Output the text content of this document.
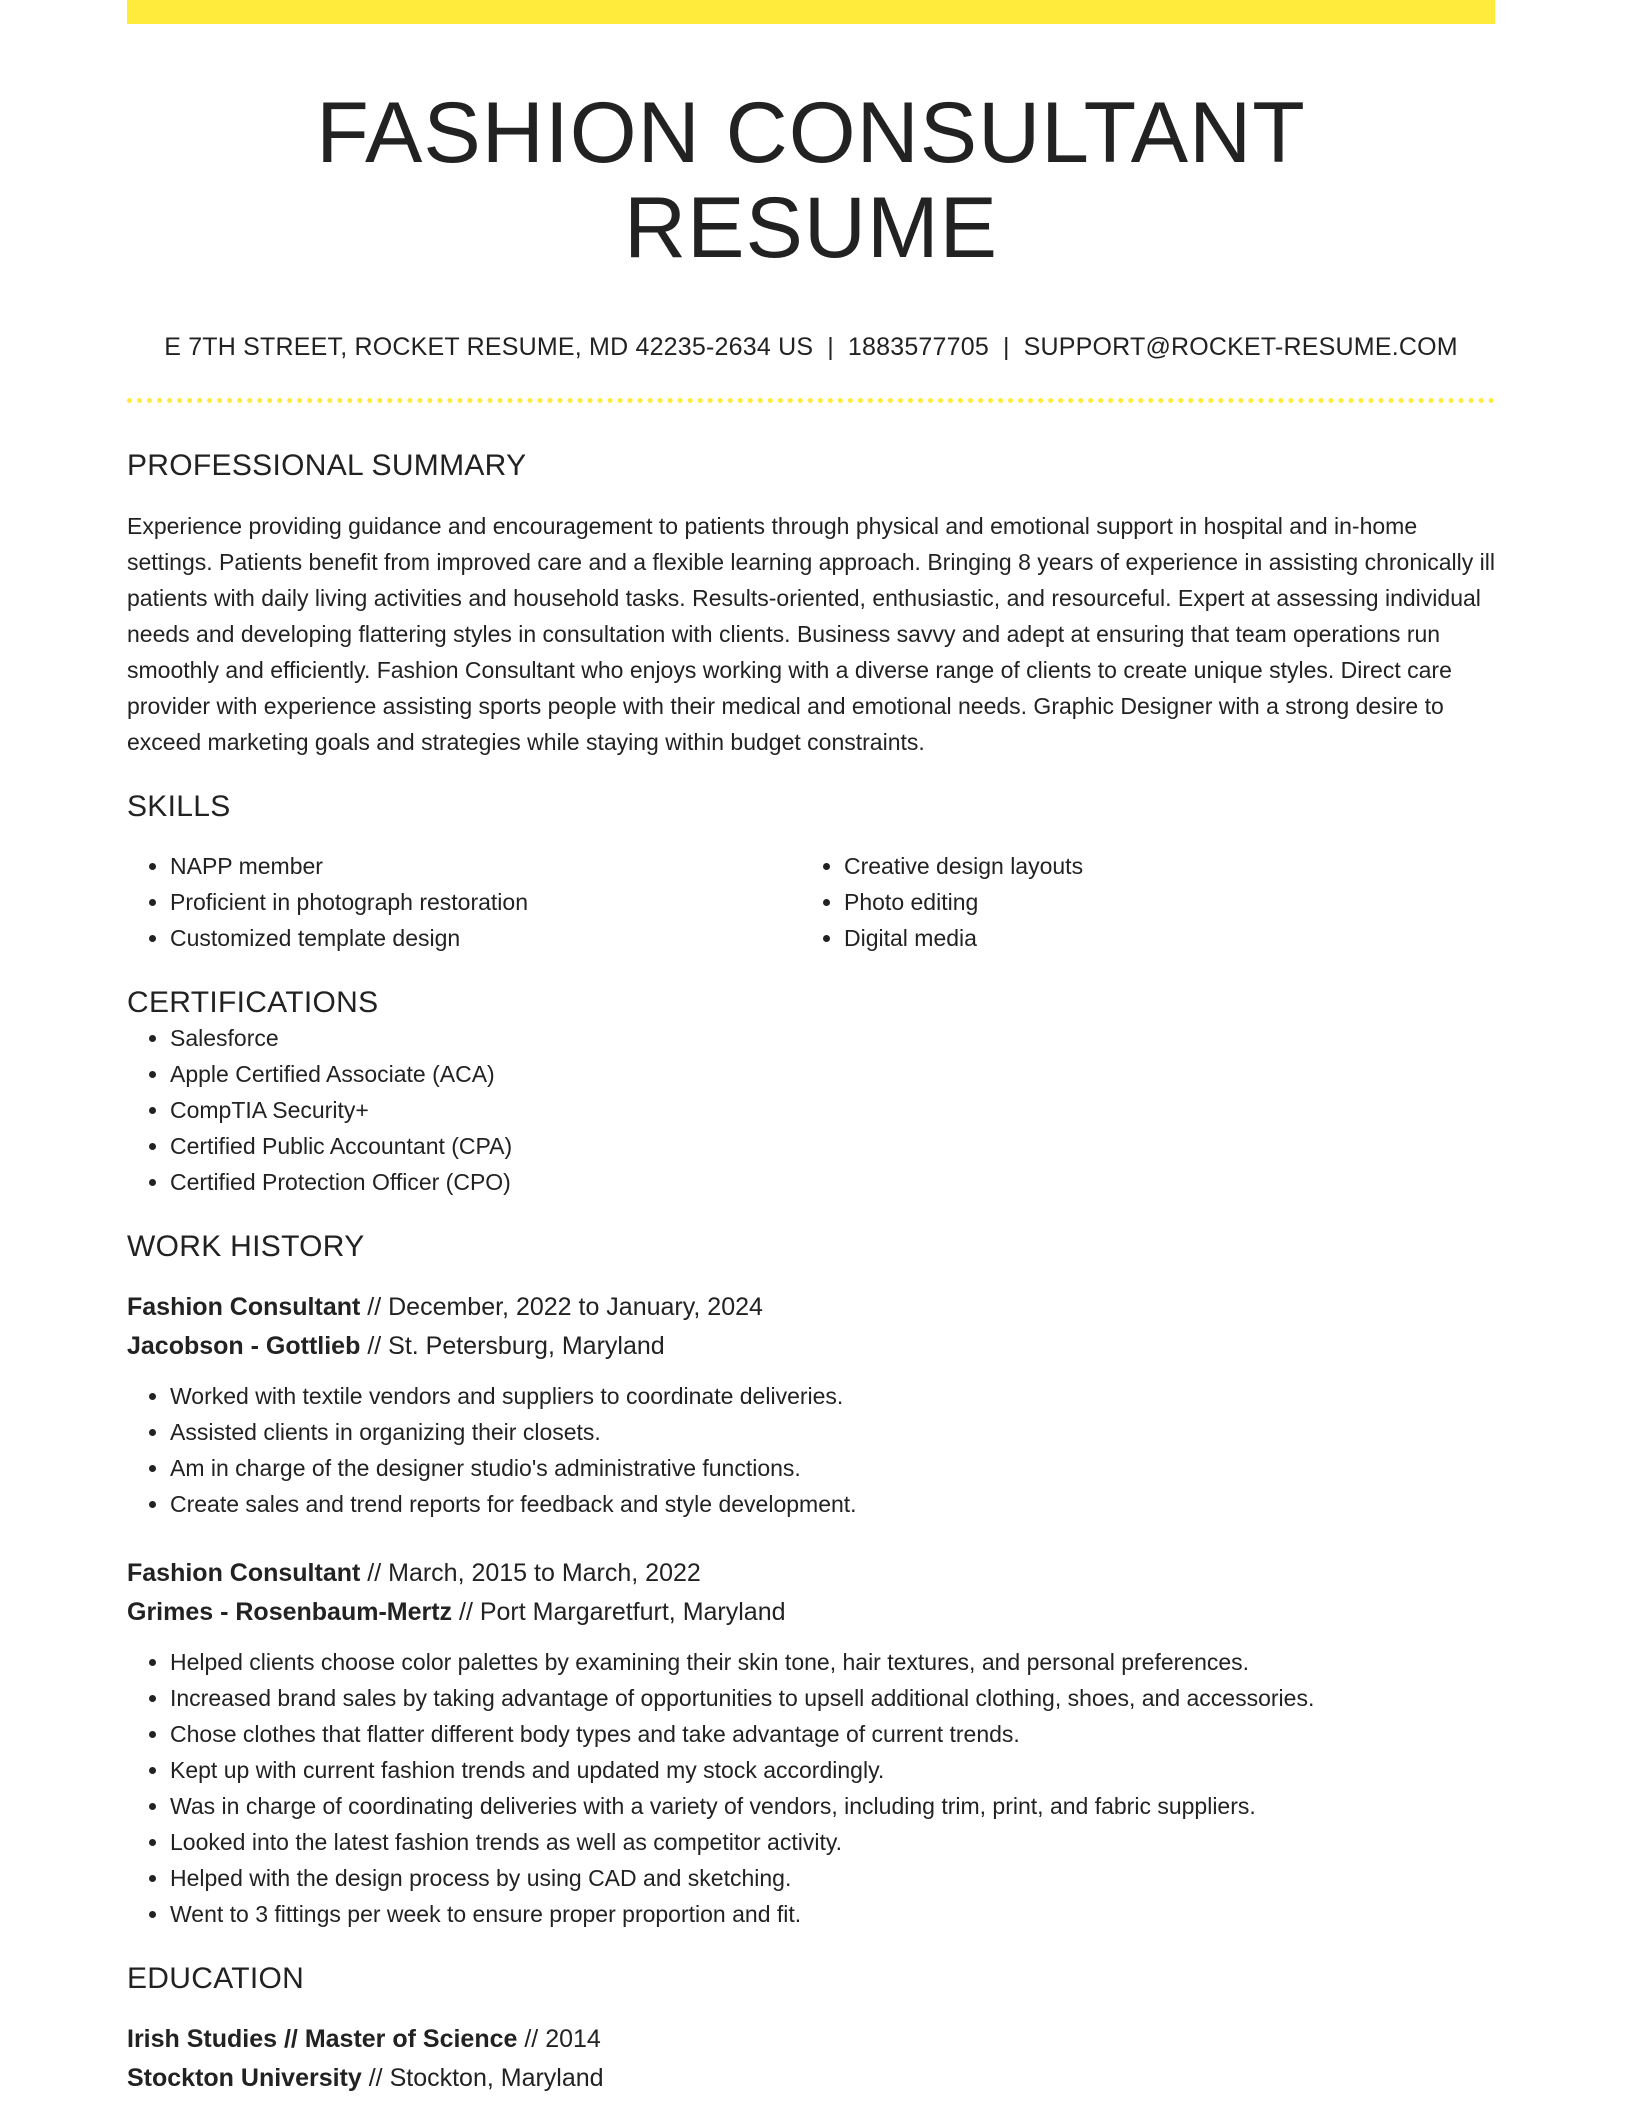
FASHION CONSULTANT RESUME
E 7TH STREET, ROCKET RESUME, MD 42235-2634 US | 1883577705 | SUPPORT@ROCKET-RESUME.COM
PROFESSIONAL SUMMARY

Experience providing guidance and encouragement to patients through physical and emotional support in hospital and in-home settings. Patients benefit from improved care and a flexible learning approach. Bringing 8 years of experience in assisting chronically ill patients with daily living activities and household tasks. Results-oriented, enthusiastic, and resourceful. Expert at assessing individual needs and developing flattering styles in consultation with clients. Business savvy and adept at ensuring that team operations run smoothly and efficiently. Fashion Consultant who enjoys working with a diverse range of clients to create unique styles. Direct care provider with experience assisting sports people with their medical and emotional needs. Graphic Designer with a strong desire to exceed marketing goals and strategies while staying within budget constraints.

SKILLS
• NAPP member
• Proficient in photograph restoration
• Customized template design
• Creative design layouts
• Photo editing
• Digital media
CERTIFICATIONS
• Salesforce
• Apple Certified Associate (ACA)
• CompTIA Security+
• Certified Public Accountant (CPA)
• Certified Protection Officer (CPO)
WORK HISTORY
Fashion Consultant // December, 2022 to January, 2024
Jacobson - Gottlieb // St. Petersburg, Maryland
• Worked with textile vendors and suppliers to coordinate deliveries.
• Assisted clients in organizing their closets.
• Am in charge of the designer studio's administrative functions.
• Create sales and trend reports for feedback and style development.
Fashion Consultant // March, 2015 to March, 2022
Grimes - Rosenbaum-Mertz // Port Margaretfurt, Maryland
• Helped clients choose color palettes by examining their skin tone, hair textures, and personal preferences.
• Increased brand sales by taking advantage of opportunities to upsell additional clothing, shoes, and accessories.
• Chose clothes that flatter different body types and take advantage of current trends.
• Kept up with current fashion trends and updated my stock accordingly.
• Was in charge of coordinating deliveries with a variety of vendors, including trim, print, and fabric suppliers.
• Looked into the latest fashion trends as well as competitor activity.
• Helped with the design process by using CAD and sketching.
• Went to 3 fittings per week to ensure proper proportion and fit.
EDUCATION
Irish Studies // Master of Science // 2014
Stockton University // Stockton, Maryland
